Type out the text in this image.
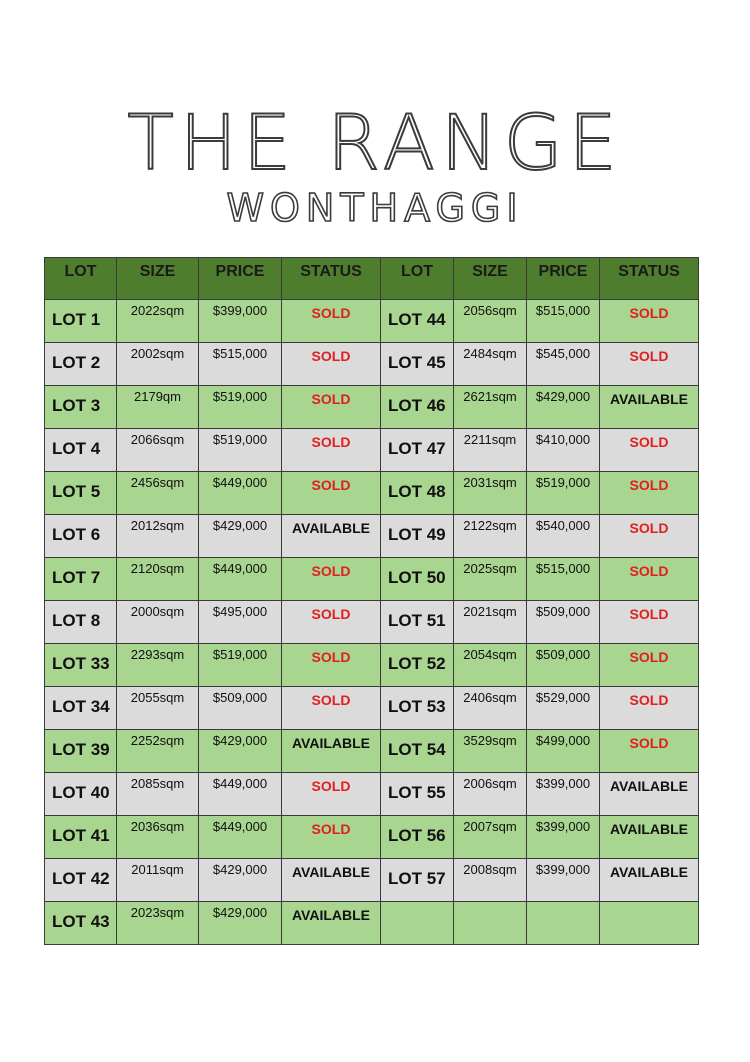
THE RANGE
WONTHAGGI
LOT	SIZE	PRICE	STATUS	LOT	SIZE	PRICE	STATUS
LOT 1	2022sqm	$399,000	SOLD	LOT 44	2056sqm	$515,000	SOLD
LOT 2	2002sqm	$515,000	SOLD	LOT 45	2484sqm	$545,000	SOLD
LOT 3	2179qm	$519,000	SOLD	LOT 46	2621sqm	$429,000	AVAILABLE
LOT 4	2066sqm	$519,000	SOLD	LOT 47	2211sqm	$410,000	SOLD
LOT 5	2456sqm	$449,000	SOLD	LOT 48	2031sqm	$519,000	SOLD
LOT 6	2012sqm	$429,000	AVAILABLE	LOT 49	2122sqm	$540,000	SOLD
LOT 7	2120sqm	$449,000	SOLD	LOT 50	2025sqm	$515,000	SOLD
LOT 8	2000sqm	$495,000	SOLD	LOT 51	2021sqm	$509,000	SOLD
LOT 33	2293sqm	$519,000	SOLD	LOT 52	2054sqm	$509,000	SOLD
LOT 34	2055sqm	$509,000	SOLD	LOT 53	2406sqm	$529,000	SOLD
LOT 39	2252sqm	$429,000	AVAILABLE	LOT 54	3529sqm	$499,000	SOLD
LOT 40	2085sqm	$449,000	SOLD	LOT 55	2006sqm	$399,000	AVAILABLE
LOT 41	2036sqm	$449,000	SOLD	LOT 56	2007sqm	$399,000	AVAILABLE
LOT 42	2011sqm	$429,000	AVAILABLE	LOT 57	2008sqm	$399,000	AVAILABLE
LOT 43	2023sqm	$429,000	AVAILABLE				
